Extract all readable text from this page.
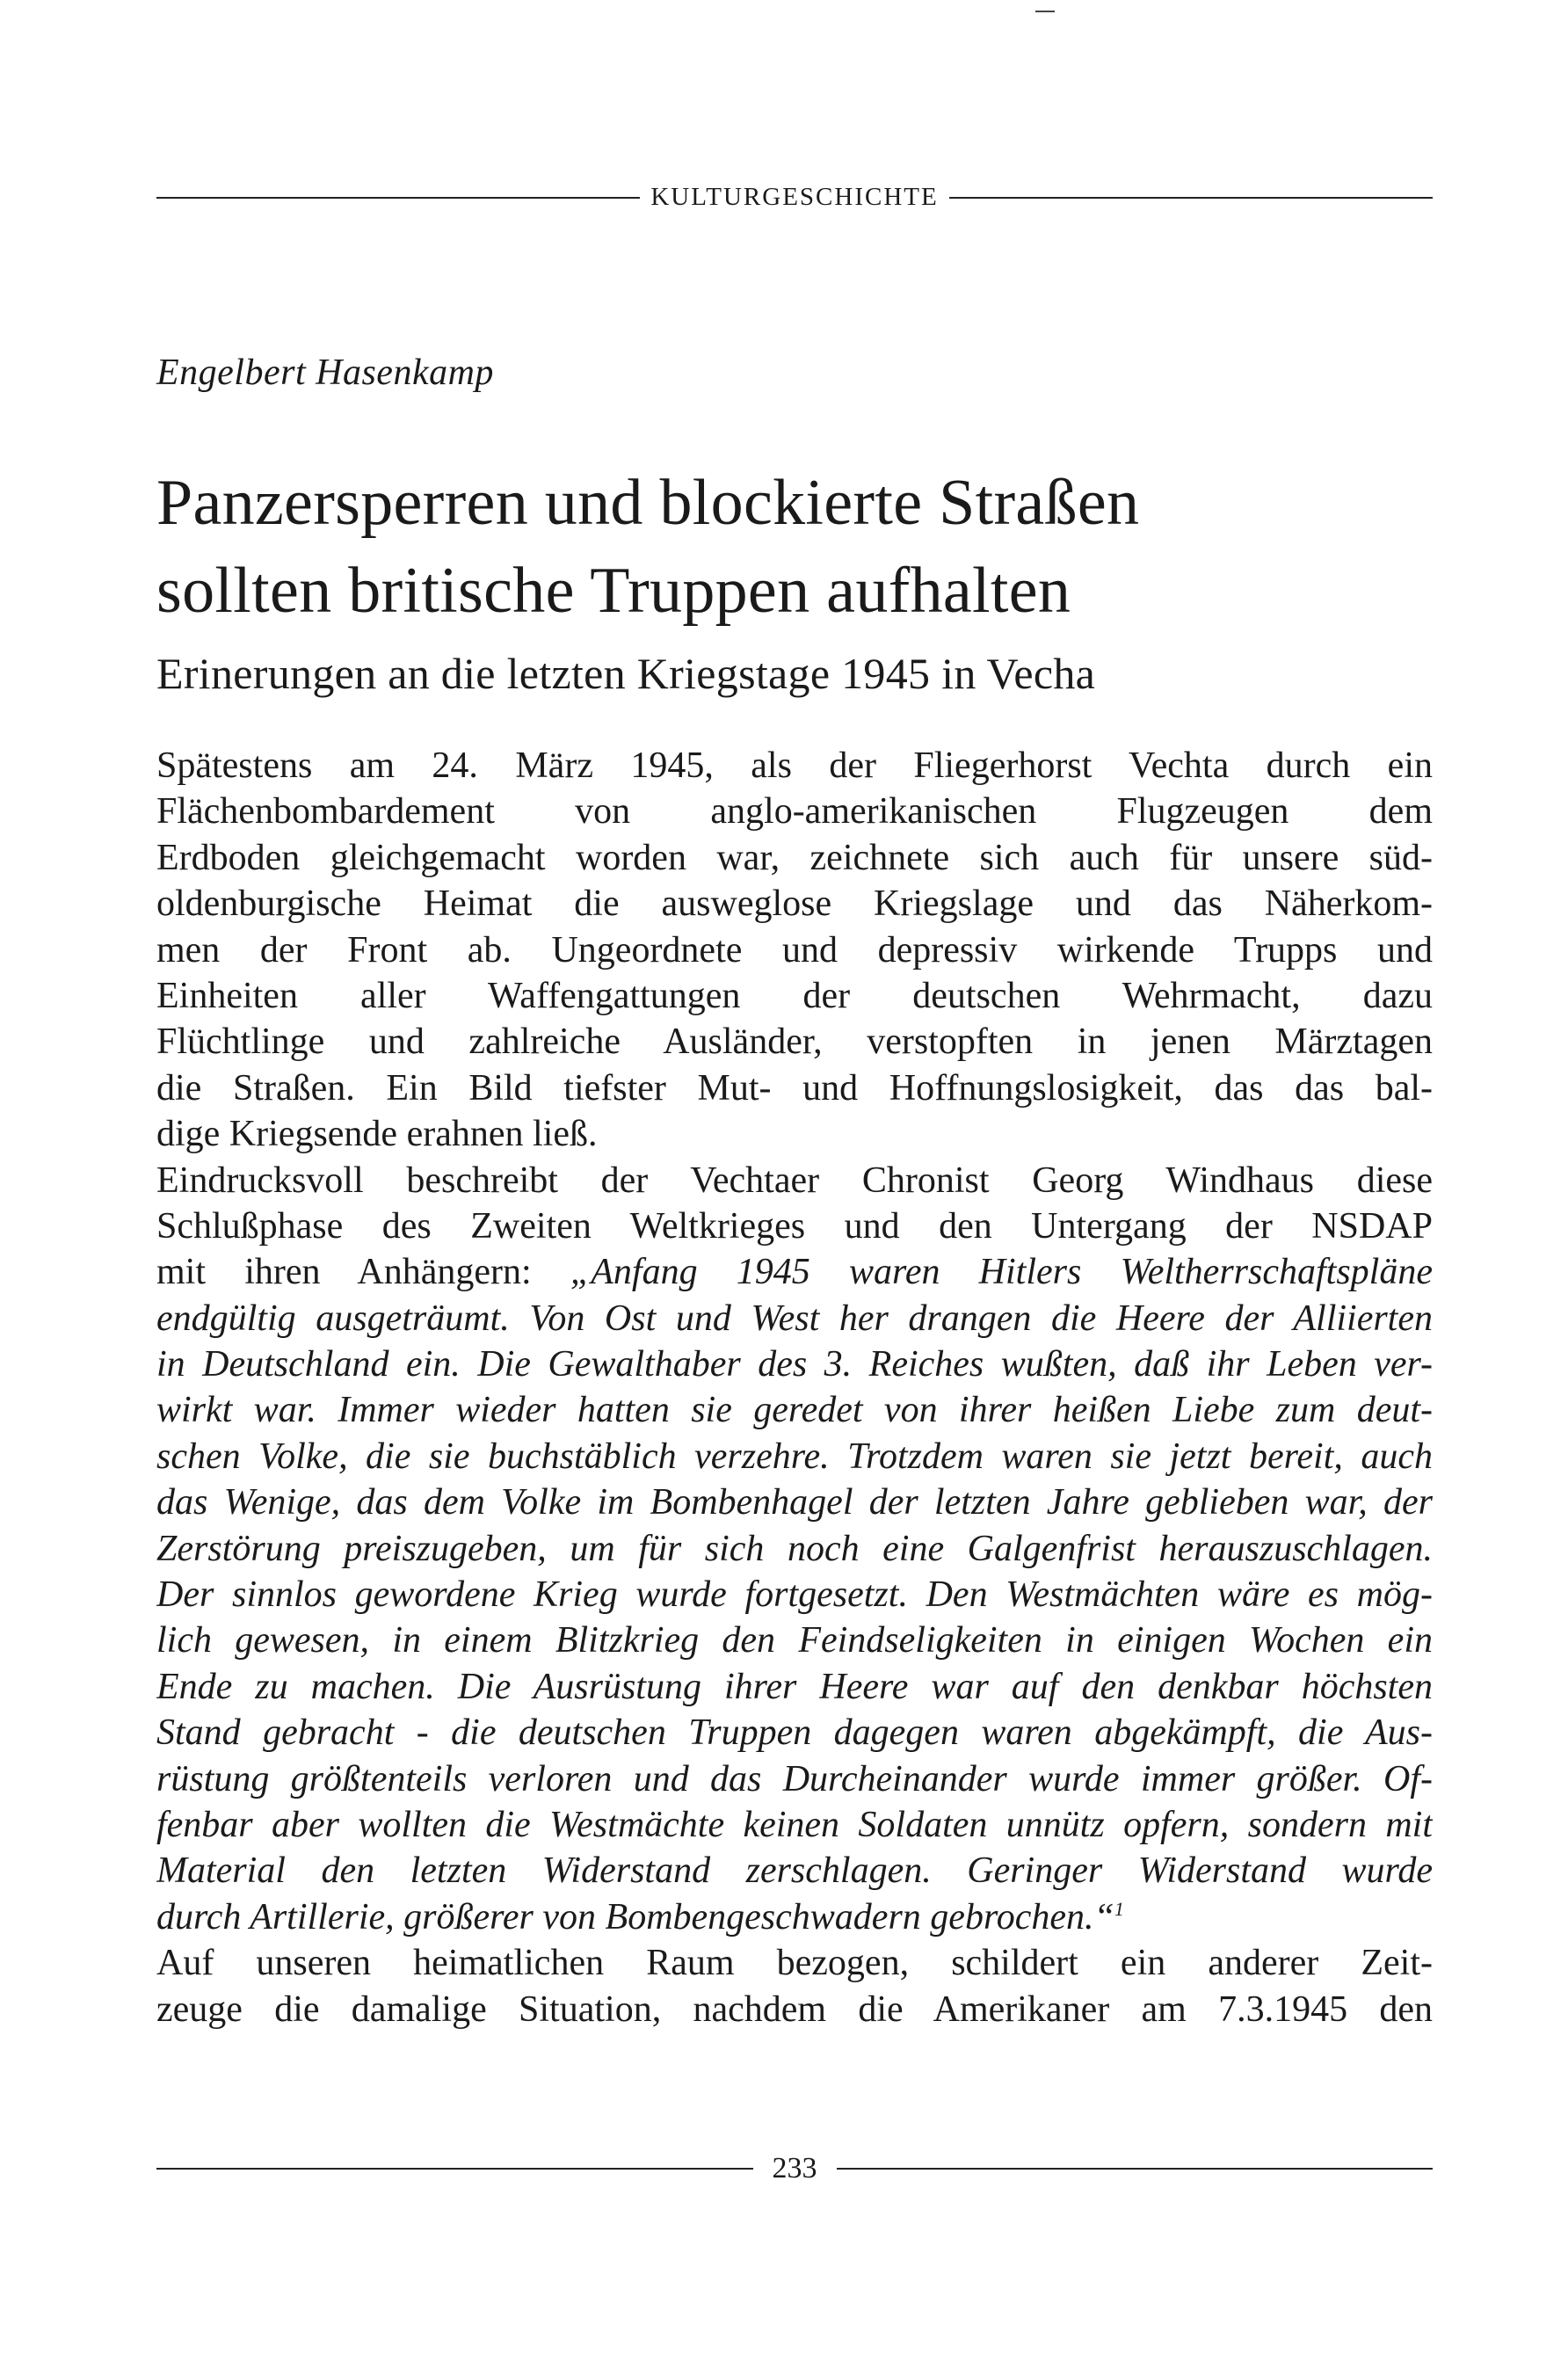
KULTURGESCHICHTE
Engelbert Hasenkamp
Panzersperren und blockierte Straßen
sollten britische Truppen aufhalten
Erinerungen an die letzten Kriegstage 1945 in Vecha
Spätestens am 24. März 1945, als der Fliegerhorst Vechta durch ein
Flächenbombardement von anglo-amerikanischen Flugzeugen dem
Erdboden gleichgemacht worden war, zeichnete sich auch für unsere süd-
oldenburgische Heimat die ausweglose Kriegslage und das Näherkom-
men der Front ab. Ungeordnete und depressiv wirkende Trupps und
Einheiten aller Waffengattungen der deutschen Wehrmacht, dazu
Flüchtlinge und zahlreiche Ausländer, verstopften in jenen Märztagen
die Straßen. Ein Bild tiefster Mut- und Hoffnungslosigkeit, das das bal-
dige Kriegsende erahnen ließ.
Eindrucksvoll beschreibt der Vechtaer Chronist Georg Windhaus diese
Schlußphase des Zweiten Weltkrieges und den Untergang der NSDAP
mit ihren Anhängern: „Anfang 1945 waren Hitlers Weltherrschaftspläne
endgültig ausgeträumt. Von Ost und West her drangen die Heere der Alliierten
in Deutschland ein. Die Gewalthaber des 3. Reiches wußten, daß ihr Leben ver-
wirkt war. Immer wieder hatten sie geredet von ihrer heißen Liebe zum deut-
schen Volke, die sie buchstäblich verzehre. Trotzdem waren sie jetzt bereit, auch
das Wenige, das dem Volke im Bombenhagel der letzten Jahre geblieben war, der
Zerstörung preiszugeben, um für sich noch eine Galgenfrist herauszuschlagen.
Der sinnlos gewordene Krieg wurde fortgesetzt. Den Westmächten wäre es mög-
lich gewesen, in einem Blitzkrieg den Feindseligkeiten in einigen Wochen ein
Ende zu machen. Die Ausrüstung ihrer Heere war auf den denkbar höchsten
Stand gebracht - die deutschen Truppen dagegen waren abgekämpft, die Aus-
rüstung größtenteils verloren und das Durcheinander wurde immer größer. Of-
fenbar aber wollten die Westmächte keinen Soldaten unnütz opfern, sondern mit
Material den letzten Widerstand zerschlagen. Geringer Widerstand wurde
durch Artillerie, größerer von Bombengeschwadern gebrochen.“$^1$
Auf unseren heimatlichen Raum bezogen, schildert ein anderer Zeit-
zeuge die damalige Situation, nachdem die Amerikaner am 7.3.1945 den
233
